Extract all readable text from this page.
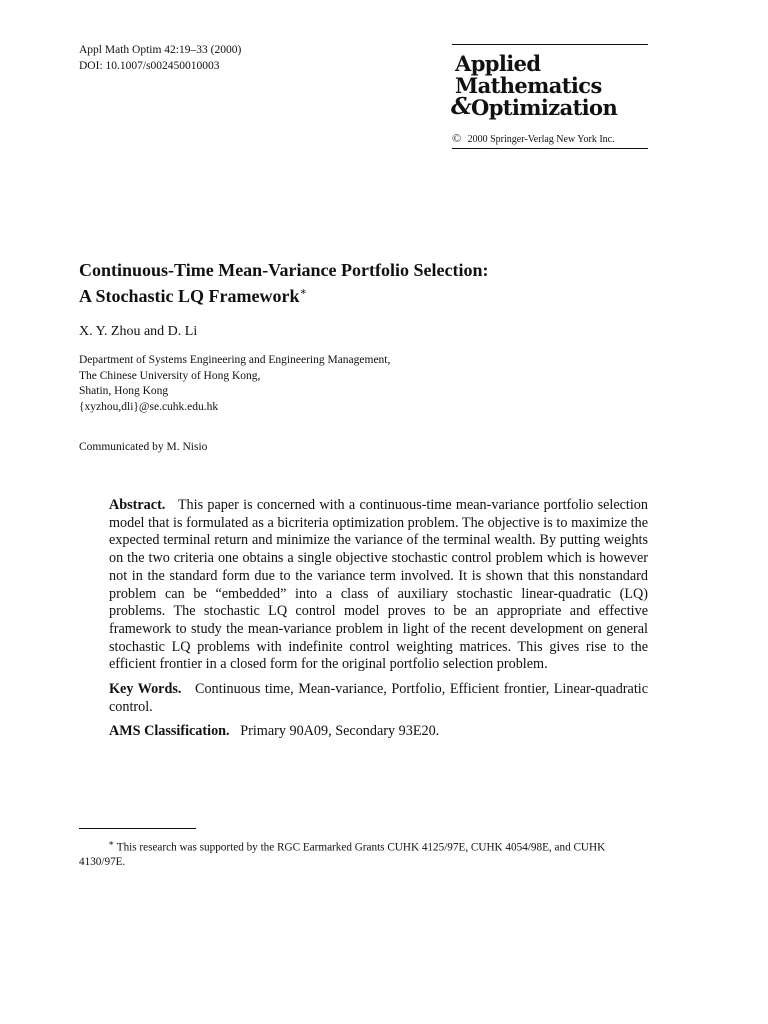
Appl Math Optim 42:19–33 (2000)
DOI: 10.1007/s002450010003	Applied
Mathematics
& Optimization
© 2000 Springer-Verlag New York Inc.
Continuous-Time Mean-Variance Portfolio Selection:
A Stochastic LQ Framework∗
X. Y. Zhou and D. Li
Department of Systems Engineering and Engineering Management,
The Chinese University of Hong Kong,
Shatin, Hong Kong
{xyzhou,dli}@se.cuhk.edu.hk
Communicated by M. Nisio

Abstract. This paper is concerned with a continuous-time mean-variance portfolio selection model that is formulated as a bicriteria optimization problem. The objective is to maximize the expected terminal return and minimize the variance of the terminal wealth. By putting weights on the two criteria one obtains a single objective stochastic control problem which is however not in the standard form due to the variance term involved. It is shown that this nonstandard problem can be “embedded” into a class of auxiliary stochastic linear-quadratic (LQ) problems. The stochastic LQ control model proves to be an appropriate and effective framework to study the mean-variance problem in light of the recent development on general stochastic LQ problems with indefinite control weighting matrices. This gives rise to the efficient frontier in a closed form for the original portfolio selection problem.

Key Words. Continuous time, Mean-variance, Portfolio, Efficient frontier, Linear-quadratic control.

AMS Classification. Primary 90A09, Secondary 93E20.

∗ This research was supported by the RGC Earmarked Grants CUHK 4125/97E, CUHK 4054/98E, and CUHK 4130/97E.
